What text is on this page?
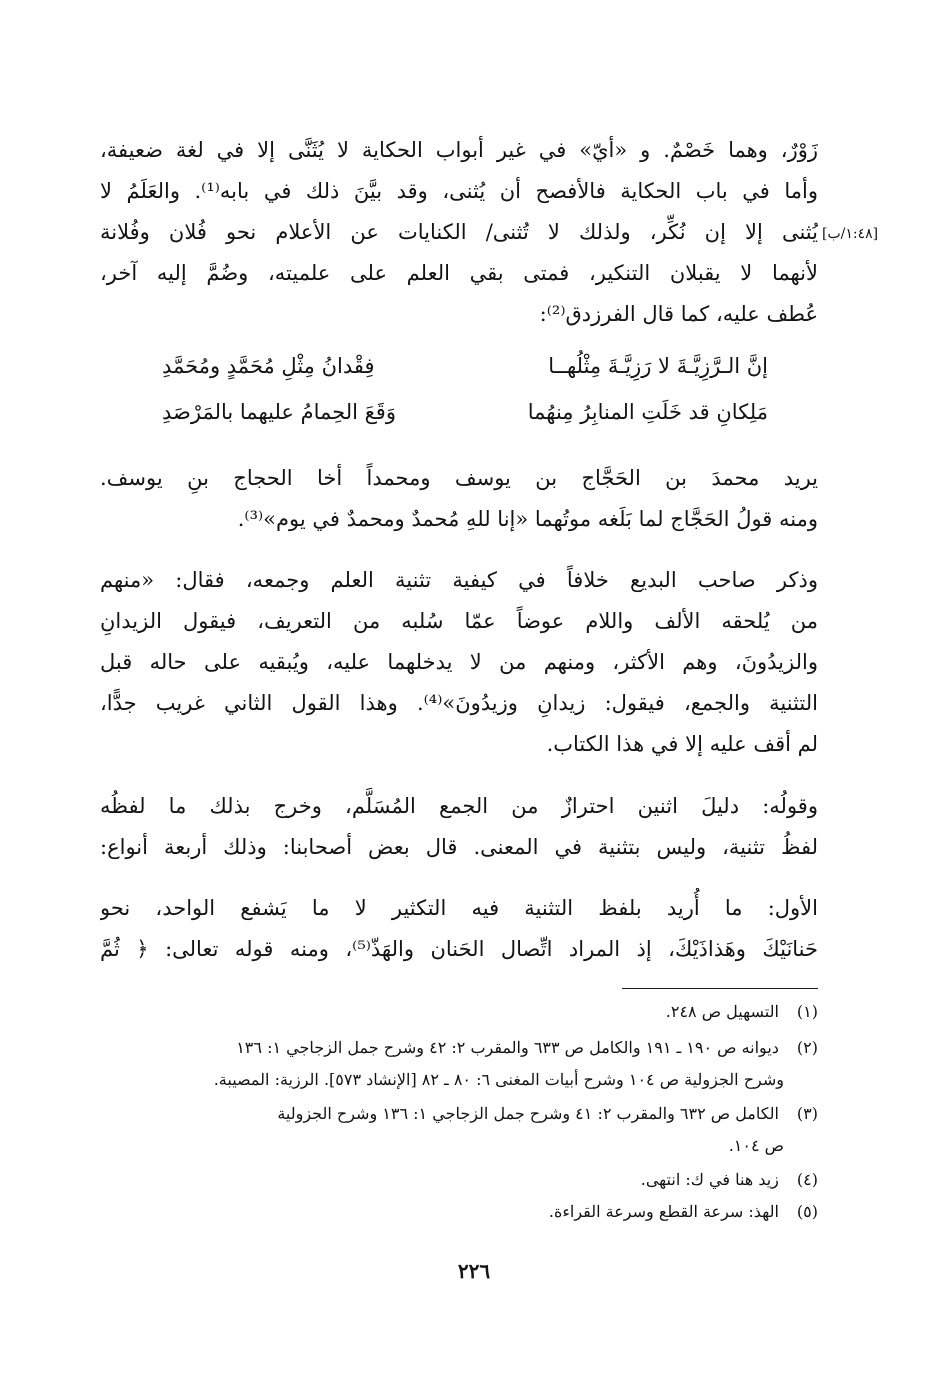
زَوْرٌ، وهما خَصْمٌ. و «أيّ» في غير أبواب الحكاية لا يُثَنَّى إلا في لغة ضعيفة،
وأما في باب الحكاية فالأفصح أن يُثنى، وقد بيَّنَ ذلك في بابه⁽¹⁾. والعَلَمُ لا
يُثنى إلا إن نُكِّر، ولذلك لا تُثنى/ الكنايات عن الأعلام نحو فُلان وفُلانة [١:٤٨/ب]
لأنهما لا يقبلان التنكير، فمتى بقي العلم على علميته، وضُمَّ إليه آخر،
عُطف عليه، كما قال الفرزدق⁽²⁾:
إنَّ الـرَّزِيَّـةَ لا رَزِيَّـةَ مِثْلُهــا
فِقْدانُ مِثْلِ مُحَمَّدٍ ومُحَمَّدِ
مَلِكانِ قد خَلَتِ المنابِرُ مِنهُما
وَقَعَ الحِمامُ عليهما بالمَرْصَدِ
يريد محمدَ بن الحَجَّاج بن يوسف ومحمداً أخا الحجاج بنِ يوسف.
ومنه قولُ الحَجَّاج لما بَلَغه موتُهما «إنا للهِ مُحمدٌ ومحمدٌ في يوم»⁽³⁾.
وذكر صاحب البديع خلافاً في كيفية تثنية العلم وجمعه، فقال: «منهم
من يُلحقه الألف واللام عوضاً عمّا سُلبه من التعريف، فيقول الزيدانِ
والزيدُونَ، وهم الأكثر، ومنهم من لا يدخلهما عليه، ويُبقيه على حاله قبل
التثنية والجمع، فيقول: زيدانِ وزيدُونَ»⁽⁴⁾. وهذا القول الثاني غريب جدًّا،
لم أقف عليه إلا في هذا الكتاب.
وقولُه: دليلَ اثنين احترازٌ من الجمع المُسَلَّم، وخرج بذلك ما لفظُه
لفظُ تثنية، وليس بتثنية في المعنى. قال بعض أصحابنا: وذلك أربعة أنواع:
الأول: ما أُريد بلفظ التثنية فيه التكثير لا ما يَشفع الواحد، نحو
حَنانَيْكَ وهَذاذَيْكَ، إذ المراد اتِّصال الحَنان والهَذّ⁽⁵⁾، ومنه قوله تعالى: ﴿ ثُمَّ
(١) التسهيل ص ٢٤٨.
(٢) ديوانه ص ١٩٠ ـ ١٩١ والكامل ص ٦٣٣ والمقرب ٢: ٤٢ وشرح جمل الزجاجي ١: ١٣٦
وشرح الجزولية ص ١٠٤ وشرح أبيات المغنى ٦: ٨٠ ـ ٨٢ [الإنشاد ٥٧٣]. الرزية: المصيبة.
(٣) الكامل ص ٦٣٢ والمقرب ٢: ٤١ وشرح جمل الزجاجي ١: ١٣٦ وشرح الجزولية
ص ١٠٤.
(٤) زيد هنا في ك: انتهى.
(٥) الهذ: سرعة القطع وسرعة القراءة.
٢٢٦
